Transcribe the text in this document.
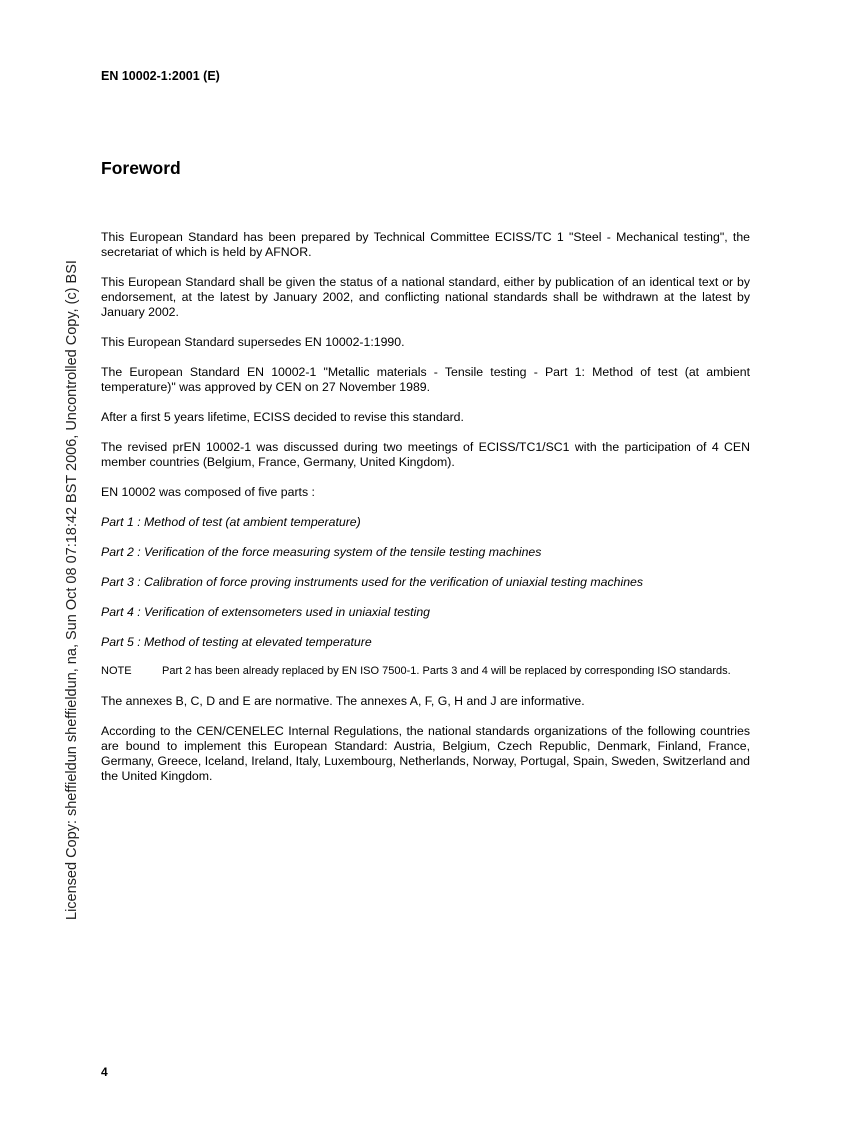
EN 10002-1:2001 (E)
Foreword

This European Standard has been prepared by Technical Committee ECISS/TC 1 "Steel - Mechanical testing", the secretariat of which is held by AFNOR.

This European Standard shall be given the status of a national standard, either by publication of an identical text or by endorsement, at the latest by January 2002, and conflicting national standards shall be withdrawn at the latest by January 2002.

This European Standard supersedes EN 10002-1:1990.

The European Standard EN 10002-1 "Metallic materials - Tensile testing - Part 1: Method of test (at ambient temperature)" was approved by CEN on 27 November 1989.

After a first 5 years lifetime, ECISS decided to revise this standard.

The revised prEN 10002-1 was discussed during two meetings of ECISS/TC1/SC1 with the participation of 4 CEN member countries (Belgium, France, Germany, United Kingdom).

EN 10002 was composed of five parts :

Part 1 : Method of test (at ambient temperature)

Part 2 : Verification of the force measuring system of the tensile testing machines

Part 3 : Calibration of force proving instruments used for the verification of uniaxial testing machines

Part 4 : Verification of extensometers used in uniaxial testing

Part 5 : Method of testing at elevated temperature

NOTE	Part 2 has been already replaced by EN ISO 7500-1. Parts 3 and 4 will be replaced by corresponding ISO standards.

The annexes B, C, D and E are normative. The annexes A, F, G, H and J are informative.

According to the CEN/CENELEC Internal Regulations, the national standards organizations of the following countries are bound to implement this European Standard: Austria, Belgium, Czech Republic, Denmark, Finland, France, Germany, Greece, Iceland, Ireland, Italy, Luxembourg, Netherlands, Norway, Portugal, Spain, Sweden, Switzerland and the United Kingdom.

Licensed Copy: sheffieldun sheffieldun, na, Sun Oct 08 07:18:42 BST 2006, Uncontrolled Copy, (c) BSI
4
